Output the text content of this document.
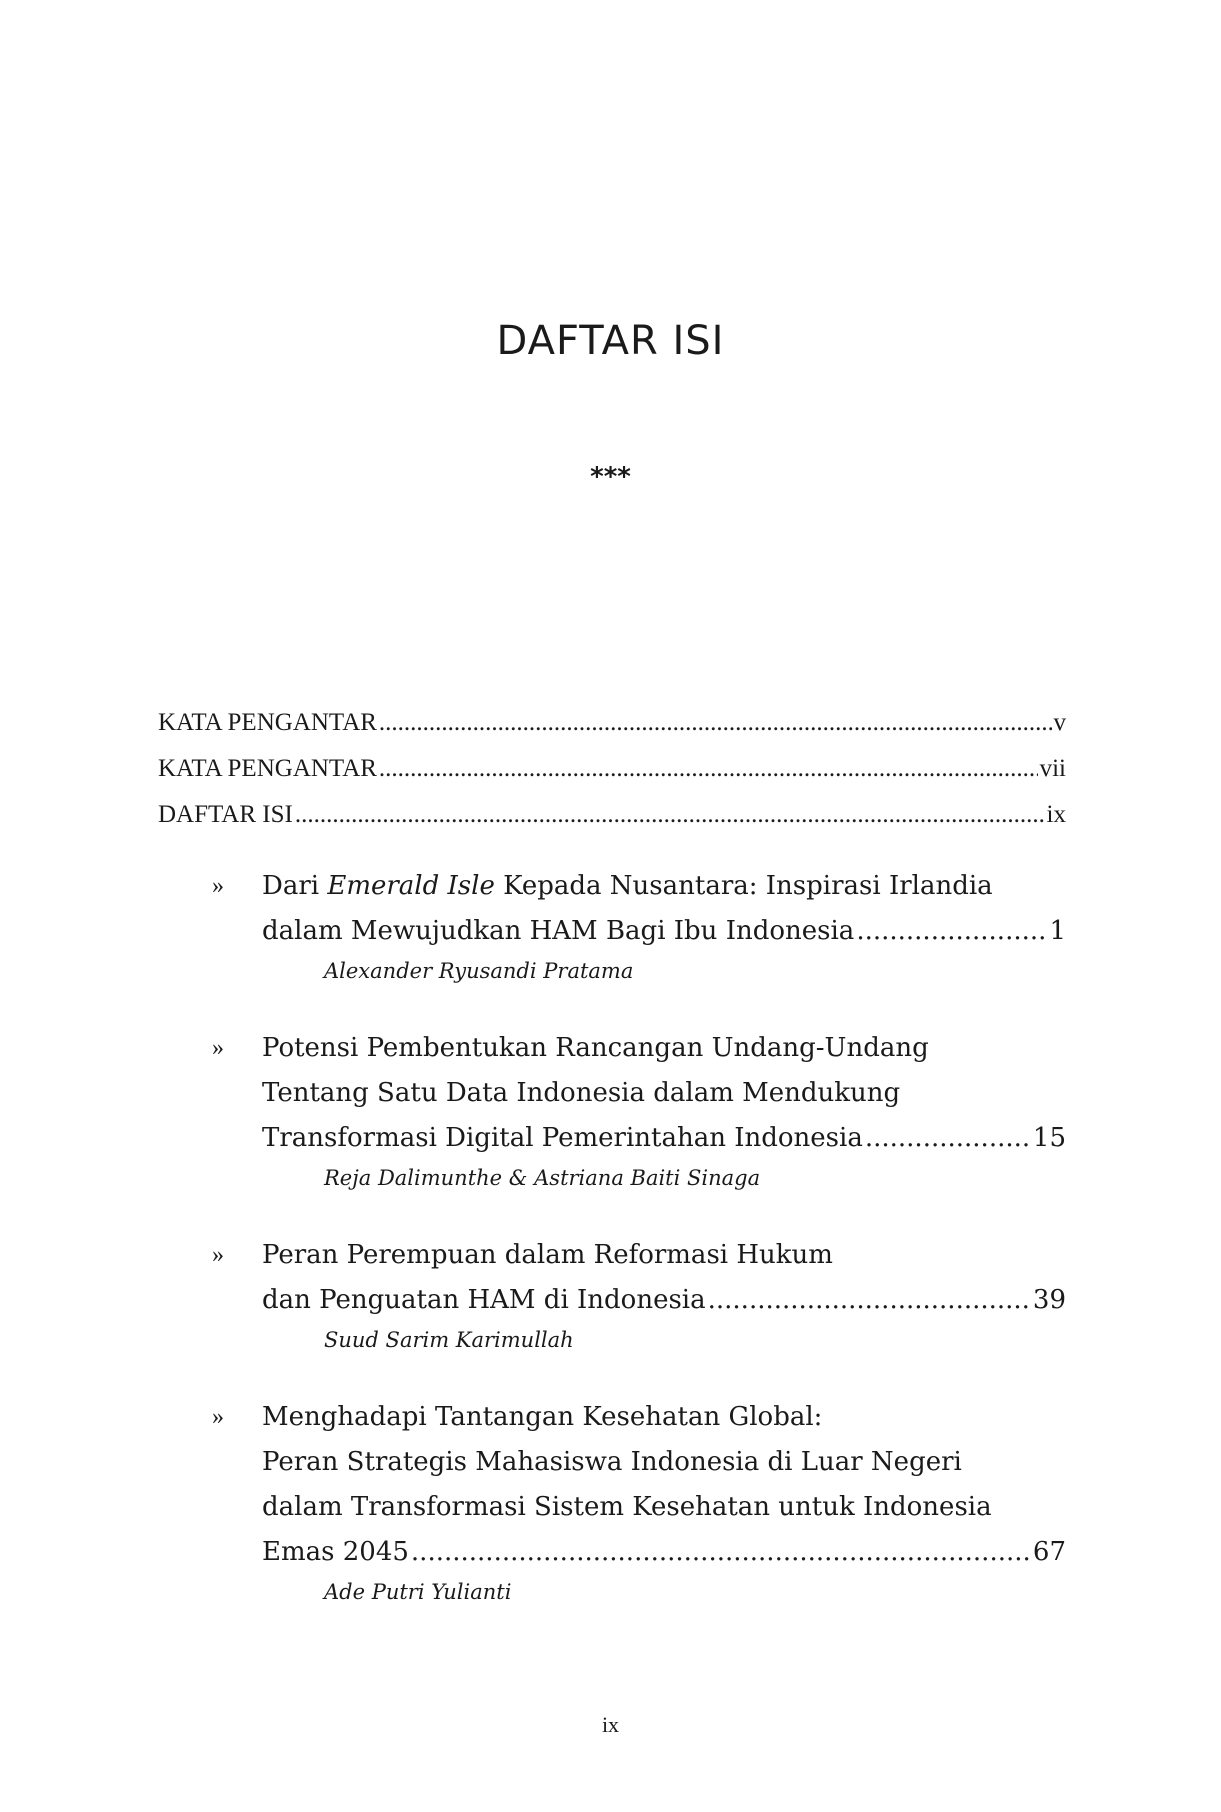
DAFTAR ISI
***
KATA PENGANTAR .....	v
KATA PENGANTAR .....	vii
DAFTAR ISI .....	ix
» Dari Emerald Isle Kepada Nusantara: Inspirasi Irlandia
dalam Mewujudkan HAM Bagi Ibu Indonesia .....	1
Alexander Ryusandi Pratama
» Potensi Pembentukan Rancangan Undang-Undang
Tentang Satu Data Indonesia dalam Mendukung
Transformasi Digital Pemerintahan Indonesia .....	15
Reja Dalimunthe & Astriana Baiti Sinaga
» Peran Perempuan dalam Reformasi Hukum
dan Penguatan HAM di Indonesia .....	39
Suud Sarim Karimullah
» Menghadapi Tantangan Kesehatan Global:
Peran Strategis Mahasiswa Indonesia di Luar Negeri
dalam Transformasi Sistem Kesehatan untuk Indonesia
Emas 2045 .....	67
Ade Putri Yulianti
ix
